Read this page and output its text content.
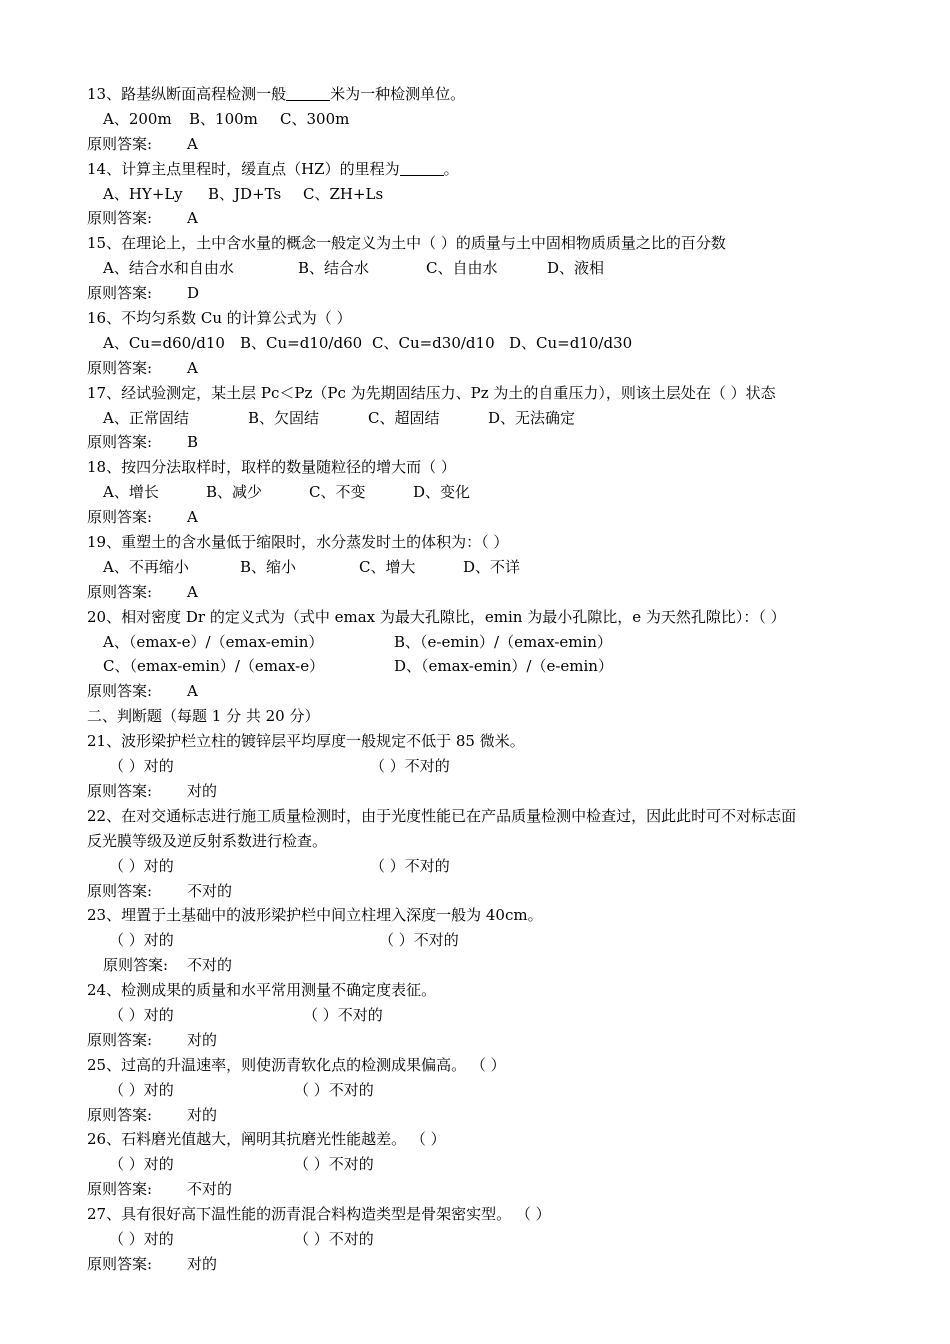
13、路基纵断面高程检测一般	米为一种检测单位。
A、200m B、100m C、300m
原则答案: A
14、计算主点里程时，缓直点（HZ）的里程为	。
A、HY+Ly B、JD+Ts C、ZH+Ls
原则答案: A
15、在理论上，土中含水量的概念一般定义为土中（ ）的质量与土中固相物质质量之比的百分数
A、结合水和自由水	B、结合水	C、自由水	D、液相
原则答案: D
16、不均匀系数 Cu 的计算公式为（ ）
A、Cu=d60/d10 B、Cu=d10/d60 C、Cu=d30/d10 D、Cu=d10/d30
原则答案: A
17、经试验测定，某土层 Pc＜Pz（Pc 为先期固结压力、Pz 为土的自重压力），则该土层处在（ ）状态
A、正常固结	B、欠固结	C、超固结	D、无法确定
原则答案: B
18、按四分法取样时，取样的数量随粒径的增大而（ ）
A、增长	B、减少	C、不变	D、变化
原则答案: A
19、重塑土的含水量低于缩限时，水分蒸发时土的体积为：（ ）
A、不再缩小	B、缩小	C、增大	D、不详
原则答案: A
20、相对密度 Dr 的定义式为（式中 emax 为最大孔隙比，emin 为最小孔隙比，e 为天然孔隙比）：（ ）
A、（emax-e）/（emax-emin）	B、（e-emin）/（emax-emin）
C、（emax-emin）/（emax-e）	D、（emax-emin）/（e-emin）
原则答案: A
二、判断题（每题 1 分 共 20 分）
21、波形梁护栏立柱的镀锌层平均厚度一般规定不低于 85 微米。
（ ）对的	（ ）不对的
原则答案: 对的
22、在对交通标志进行施工质量检测时，由于光度性能已在产品质量检测中检查过，因此此时可不对标志面
反光膜等级及逆反射系数进行检查。
（ ）对的	（ ）不对的
原则答案: 不对的
23、埋置于土基础中的波形梁护栏中间立柱埋入深度一般为 40cm。
（ ）对的	（ ）不对的
原则答案: 不对的
24、检测成果的质量和水平常用测量不确定度表征。
（ ）对的	（ ）不对的
原则答案: 对的
25、过高的升温速率，则使沥青软化点的检测成果偏高。 （ ）
（ ）对的	（ ）不对的
原则答案: 对的
26、石料磨光值越大，阐明其抗磨光性能越差。 （ ）
（ ）对的	（ ）不对的
原则答案: 不对的
27、具有很好高下温性能的沥青混合料构造类型是骨架密实型。 （ ）
（ ）对的	（ ）不对的
原则答案: 对的
